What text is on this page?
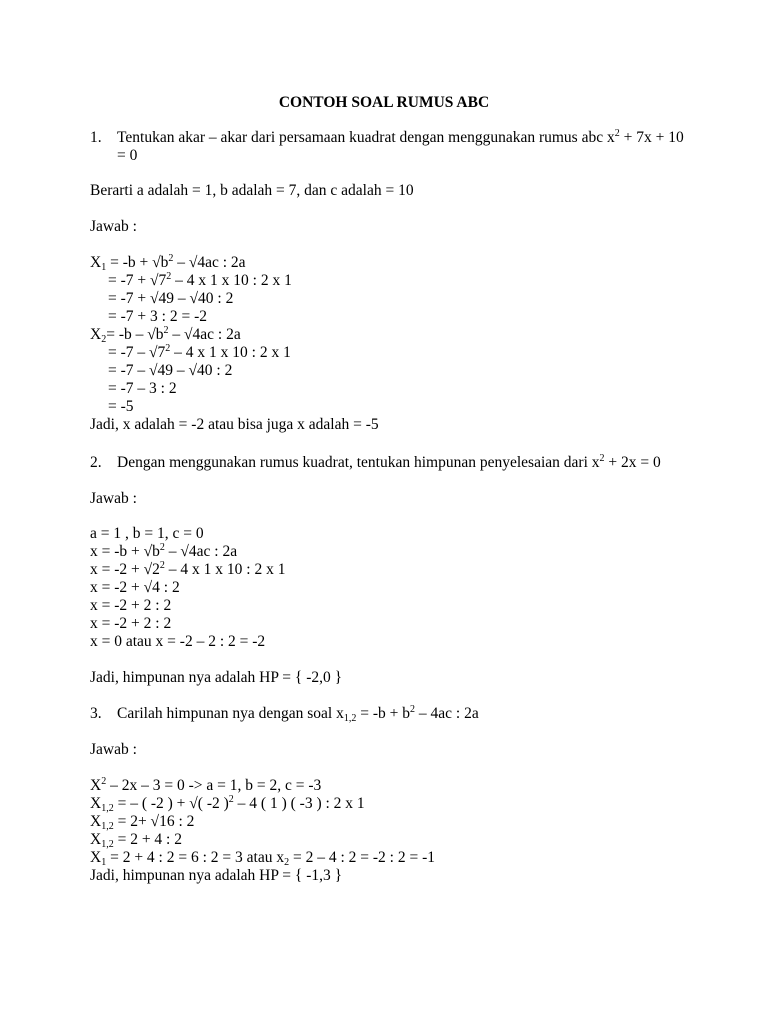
CONTOH SOAL RUMUS ABC
1. Tentukan akar – akar dari persamaan kuadrat dengan menggunakan rumus abc $x^2 + 7x + 10$
= 0
Berarti a adalah = 1, b adalah = 7, dan c adalah = 10
Jawab :
$X_1 = -b + √b^2 - √4ac$ : 2a
= $-7 + √7^2 - 4$ x 1 x 10 : 2 x 1
= -7 + √49 – √40 : 2
= -7 + 3 : 2 = -2
$X_2= -b - √b^2 - √4ac$ : 2a
= $-7 - √7^2 - 4$ x 1 x 10 : 2 x 1
= -7 – √49 – √40 : 2
= -7 – 3 : 2
= -5
Jadi, x adalah = -2 atau bisa juga x adalah = -5
2. Dengan menggunakan rumus kuadrat, tentukan himpunan penyelesaian dari $x^2 + 2x = 0$
Jawab :
a = 1 , b = 1, c = 0
$x = -b + √b^2 - √4ac$ : 2a
$x = -2 + √2^2 - 4$ x 1 x 10 : 2 x 1
x = -2 + √4 : 2
x = -2 + 2 : 2
x = -2 + 2 : 2
x = 0 atau x = -2 – 2 : 2 = -2
Jadi, himpunan nya adalah HP = { -2,0 }
3. Carilah himpunan nya dengan soal $x_{1,2} = -b + b^2 - 4ac$ : 2a
Jawab :
$X^2 - 2x - 3 = 0 -> a = 1$, b = 2, c = -3
$X_{1,2}$ = – ( -2 ) + √( -2 )$^2$ – 4 ( 1 ) ( -3 ) : 2 x 1
$X_{1,2} = 2+ √16$ : 2
$X_{1,2} = 2 + 4$ : 2
$X_1 = 2 + 4$ : 2 = 6 : 2 = 3 atau $x_2 = 2 - 4$ : 2 = -2 : 2 = -1
Jadi, himpunan nya adalah HP = { -1,3 }
